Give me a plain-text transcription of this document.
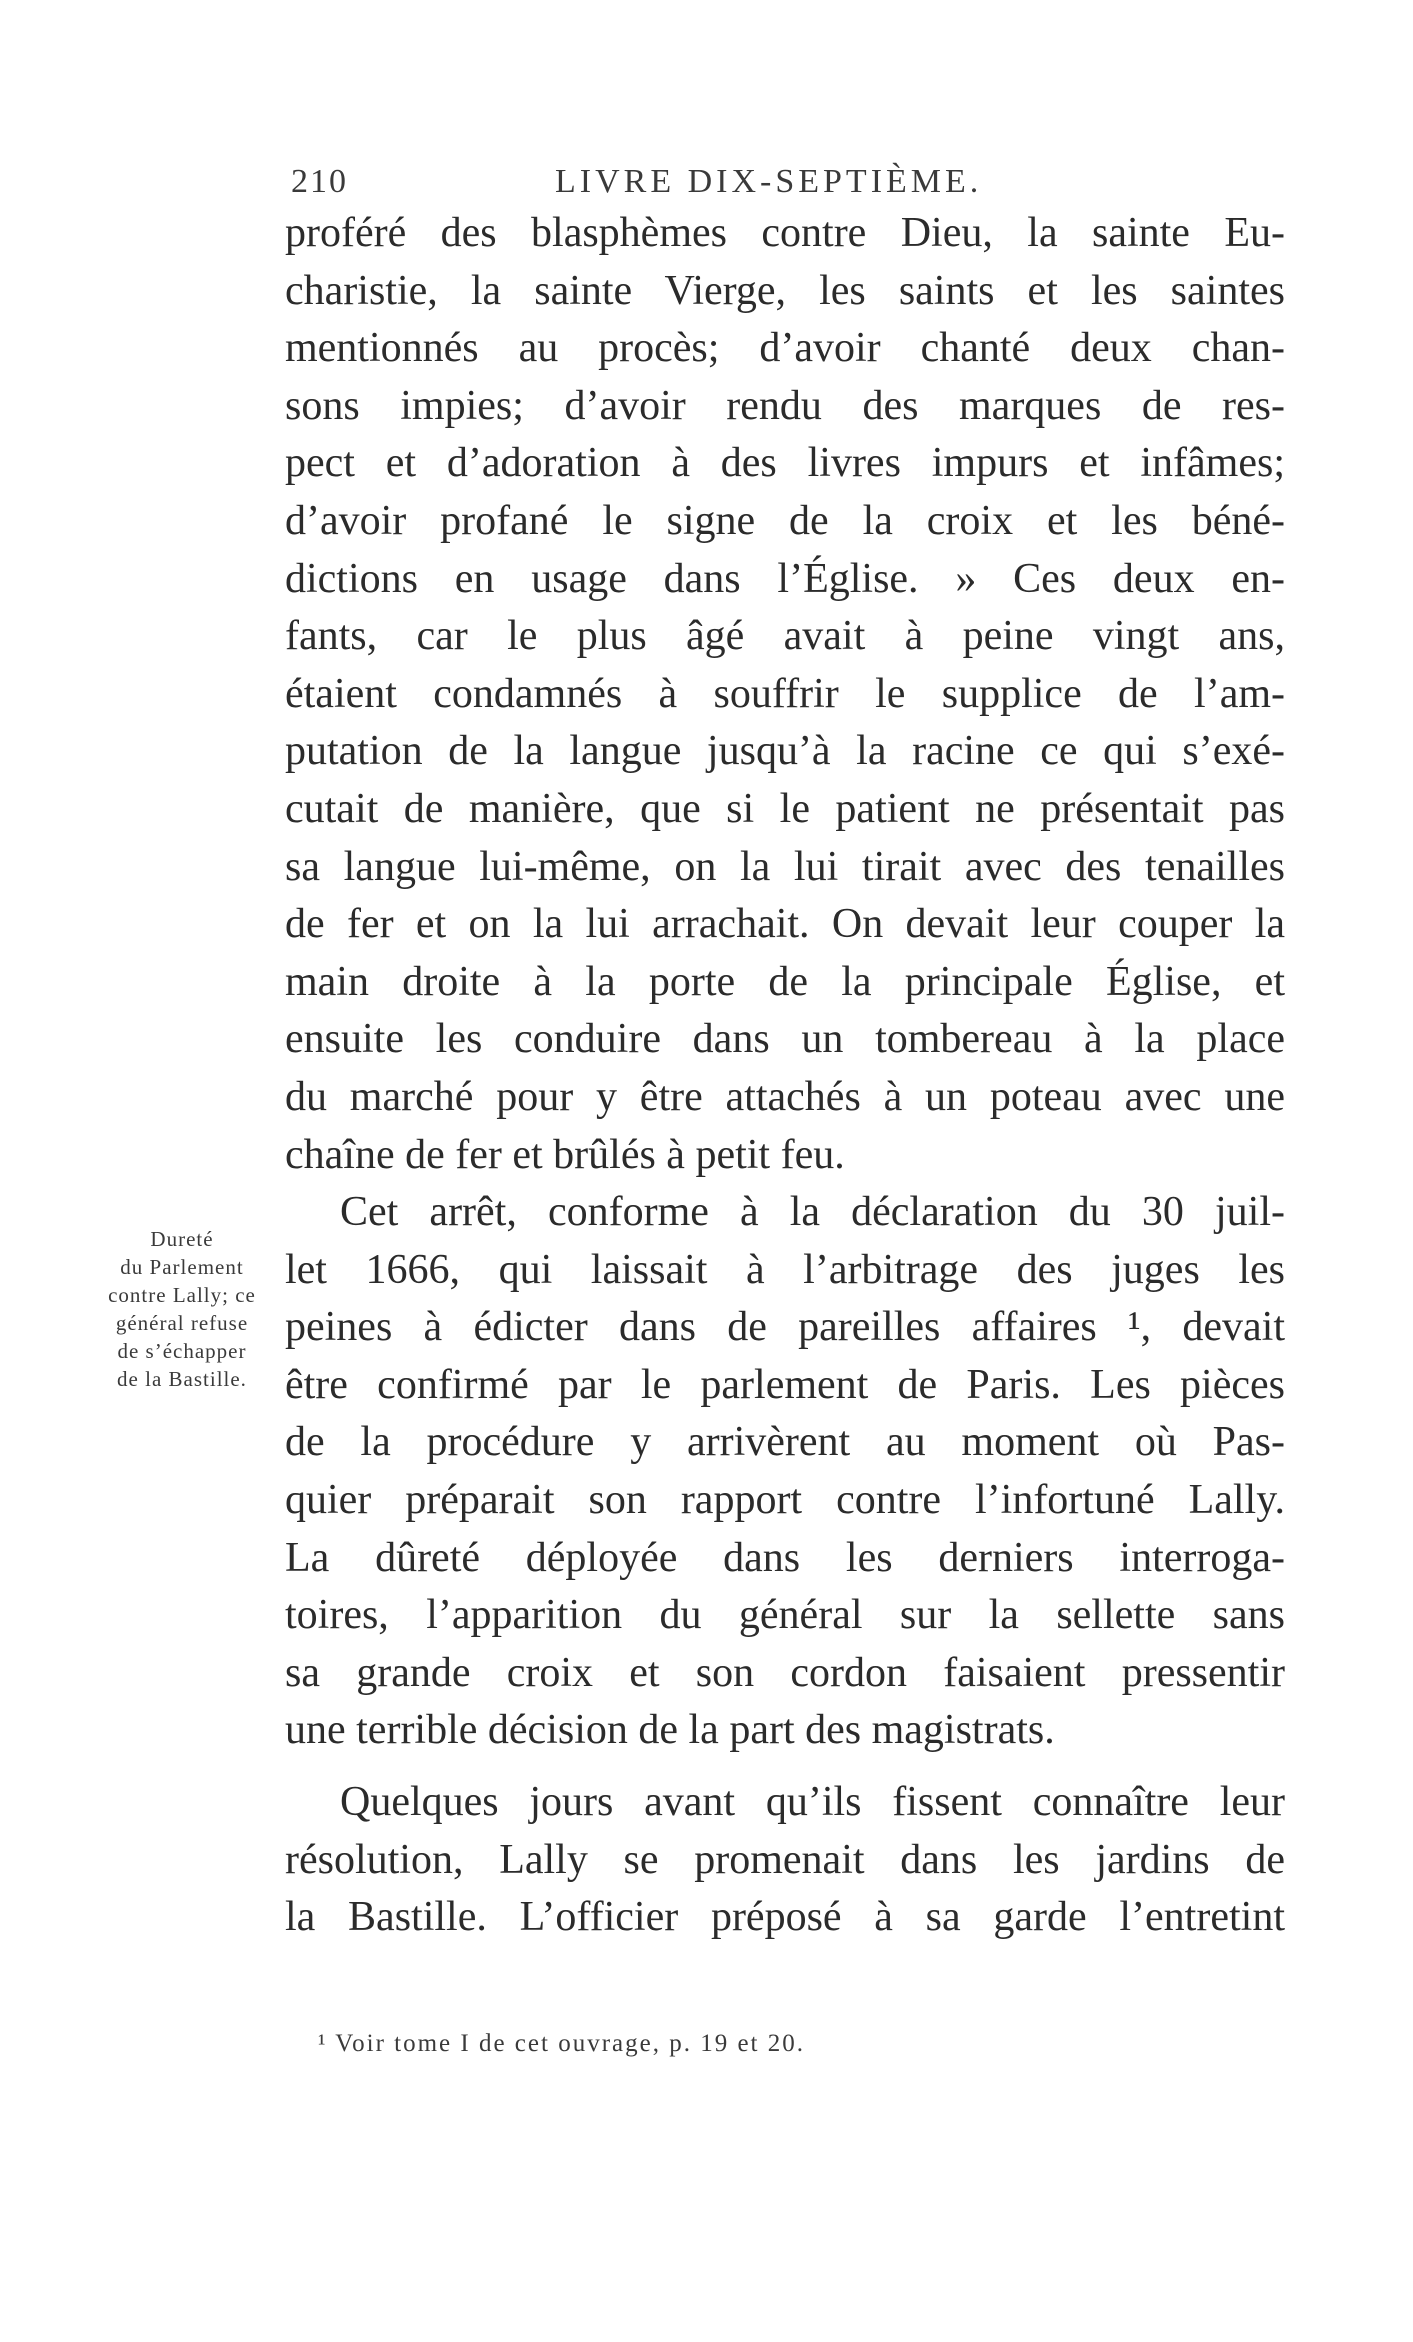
210	LIVRE DIX-SEPTIÈME.
proféré des blasphèmes contre Dieu, la sainte Eu-
charistie, la sainte Vierge, les saints et les saintes
mentionnés au procès; d’avoir chanté deux chan-
sons impies; d’avoir rendu des marques de res-
pect et d’adoration à des livres impurs et infâmes;
d’avoir profané le signe de la croix et les béné-
dictions en usage dans l’Église. » Ces deux en-
fants, car le plus âgé avait à peine vingt ans,
étaient condamnés à souffrir le supplice de l’am-
putation de la langue jusqu’à la racine ce qui s’exé-
cutait de manière, que si le patient ne présentait pas
sa langue lui-même, on la lui tirait avec des tenailles
de fer et on la lui arrachait. On devait leur couper la
main droite à la porte de la principale Église, et
ensuite les conduire dans un tombereau à la place
du marché pour y être attachés à un poteau avec une
chaîne de fer et brûlés à petit feu.
Cet arrêt, conforme à la déclaration du 30 juil-
let 1666, qui laissait à l’arbitrage des juges les
peines à édicter dans de pareilles affaires ¹, devait
être confirmé par le parlement de Paris. Les pièces
de la procédure y arrivèrent au moment où Pas-
quier préparait son rapport contre l’infortuné Lally.
La dûreté déployée dans les derniers interroga-
toires, l’apparition du général sur la sellette sans
sa grande croix et son cordon faisaient pressentir
une terrible décision de la part des magistrats.
Quelques jours avant qu’ils fissent connaître leur
résolution, Lally se promenait dans les jardins de
la Bastille. L’officier préposé à sa garde l’entretint
Dureté
du Parlement
contre Lally; ce
général refuse
de s’échapper
de la Bastille.
¹ Voir tome I de cet ouvrage, p. 19 et 20.
